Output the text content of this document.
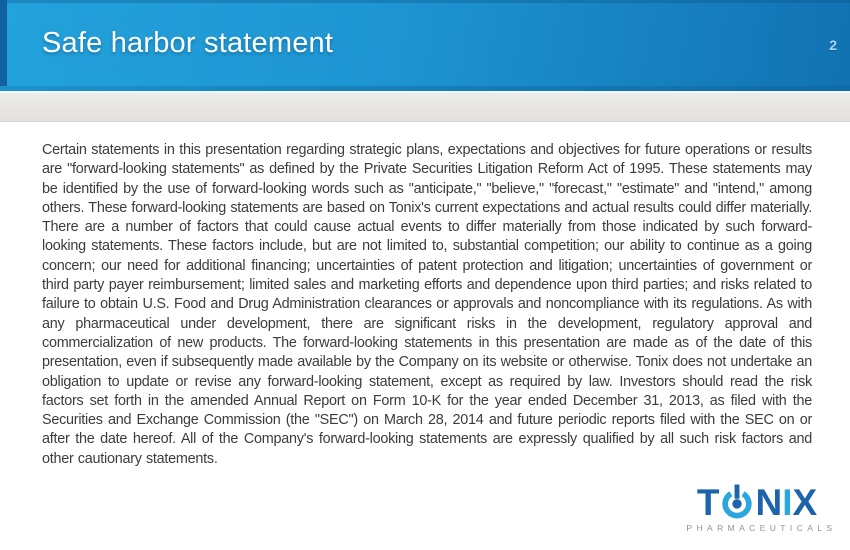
Safe harbor statement	2

Certain statements in this presentation regarding strategic plans, expectations and objectives for future operations or results are "forward-looking statements" as defined by the Private Securities Litigation Reform Act of 1995. These statements may be identified by the use of forward-looking words such as "anticipate," "believe," "forecast," "estimate" and "intend," among others. These forward-looking statements are based on Tonix's current expectations and actual results could differ materially. There are a number of factors that could cause actual events to differ materially from those indicated by such forward-looking statements. These factors include, but are not limited to, substantial competition; our ability to continue as a going concern; our need for additional financing; uncertainties of patent protection and litigation; uncertainties of government or third party payer reimbursement; limited sales and marketing efforts and dependence upon third parties; and risks related to failure to obtain U.S. Food and Drug Administration clearances or approvals and noncompliance with its regulations. As with any pharmaceutical under development, there are significant risks in the development, regulatory approval and commercialization of new products. The forward-looking statements in this presentation are made as of the date of this presentation, even if subsequently made available by the Company on its website or otherwise. Tonix does not undertake an obligation to update or revise any forward-looking statement, except as required by law. Investors should read the risk factors set forth in the amended Annual Report on Form 10-K for the year ended December 31, 2013, as filed with the Securities and Exchange Commission (the "SEC") on March 28, 2014 and future periodic reports filed with the SEC on or after the date hereof. All of the Company's forward-looking statements are expressly qualified by all such risk factors and other cautionary statements.

T N I X
PHARMACEUTICALS
